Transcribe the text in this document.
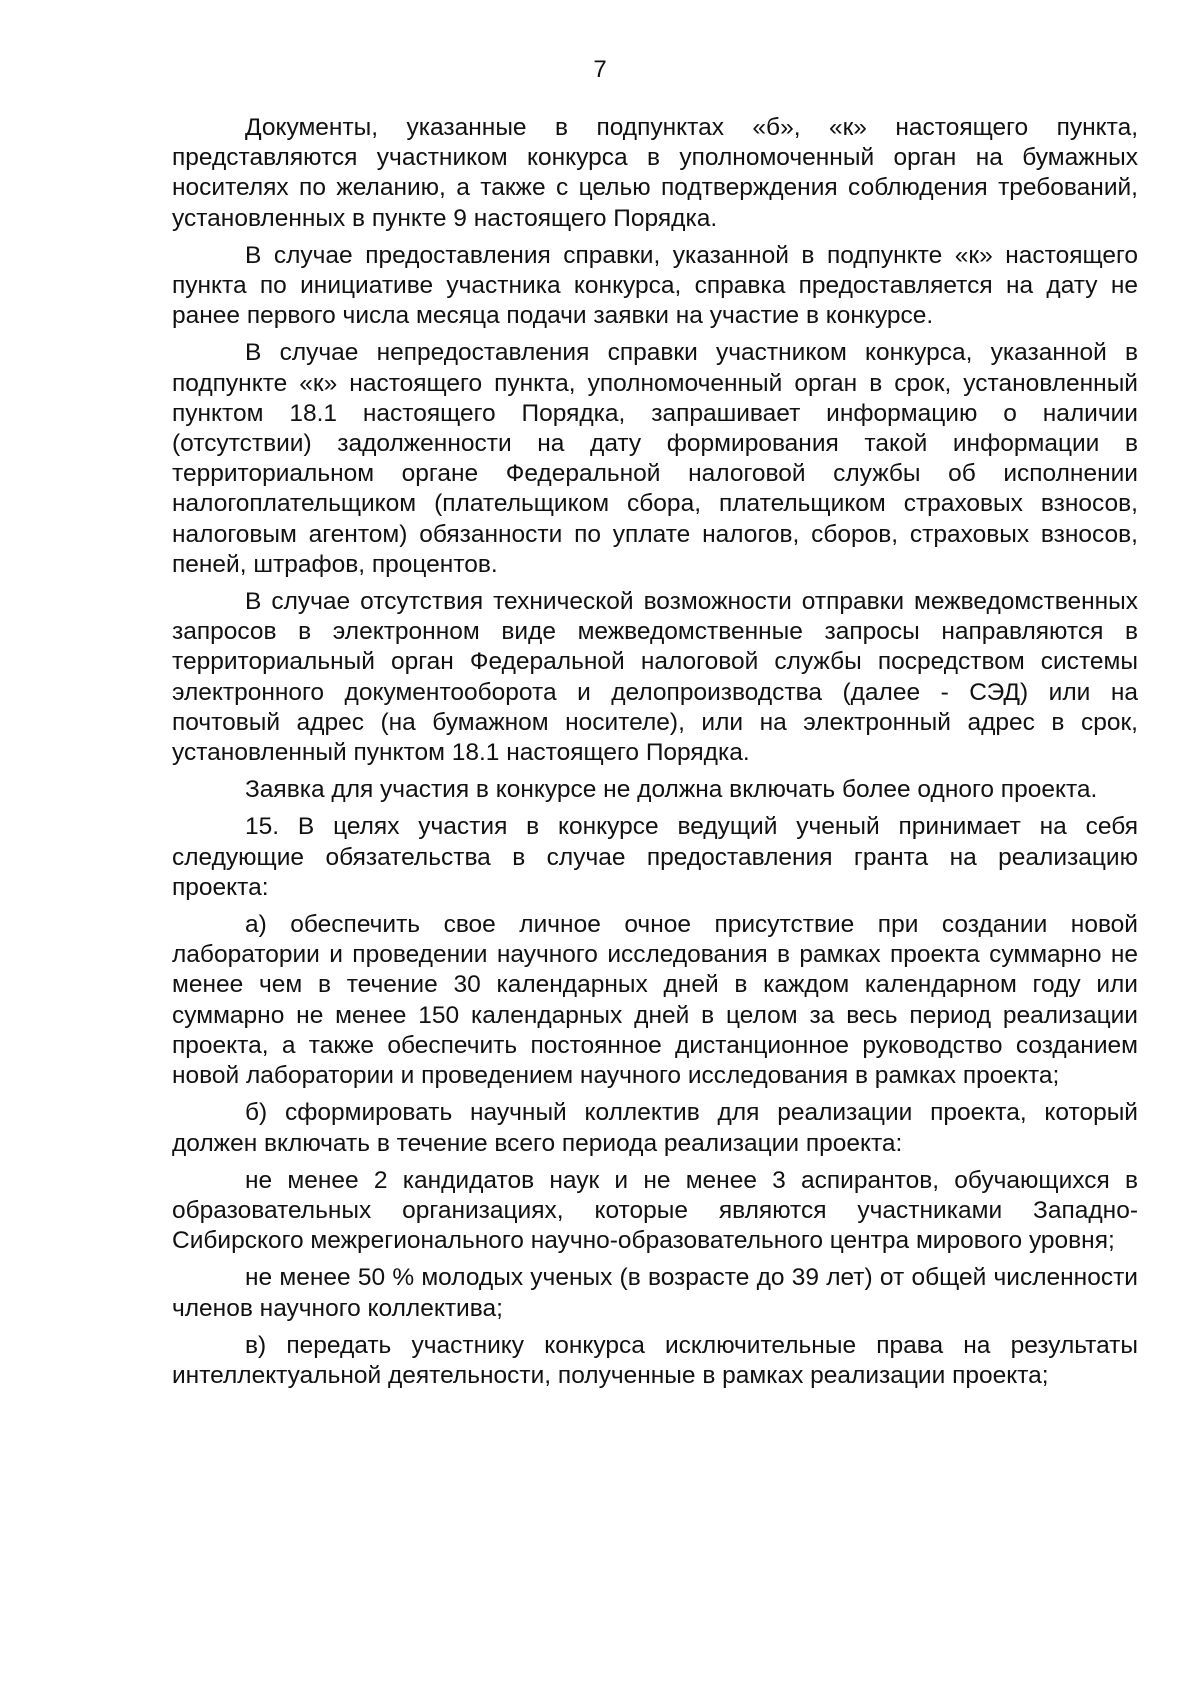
7

Документы, указанные в подпунктах «б», «к» настоящего пункта, представляются участником конкурса в уполномоченный орган на бумажных носителях по желанию, а также с целью подтверждения соблюдения требований, установленных в пункте 9 настоящего Порядка.

В случае предоставления справки, указанной в подпункте «к» настоящего пункта по инициативе участника конкурса, справка предоставляется на дату не ранее первого числа месяца подачи заявки на участие в конкурсе.

В случае непредоставления справки участником конкурса, указанной в подпункте «к» настоящего пункта, уполномоченный орган в срок, установленный пунктом 18.1 настоящего Порядка, запрашивает информацию о наличии (отсутствии) задолженности на дату формирования такой информации в территориальном органе Федеральной налоговой службы об исполнении налогоплательщиком (плательщиком сбора, плательщиком страховых взносов, налоговым агентом) обязанности по уплате налогов, сборов, страховых взносов, пеней, штрафов, процентов.

В случае отсутствия технической возможности отправки межведомственных запросов в электронном виде межведомственные запросы направляются в территориальный орган Федеральной налоговой службы посредством системы электронного документооборота и делопроизводства (далее - СЭД) или на почтовый адрес (на бумажном носителе), или на электронный адрес в срок, установленный пунктом 18.1 настоящего Порядка.

Заявка для участия в конкурсе не должна включать более одного проекта.

15. В целях участия в конкурсе ведущий ученый принимает на себя следующие обязательства в случае предоставления гранта на реализацию проекта:

а) обеспечить свое личное очное присутствие при создании новой лаборатории и проведении научного исследования в рамках проекта суммарно не менее чем в течение 30 календарных дней в каждом календарном году или суммарно не менее 150 календарных дней в целом за весь период реализации проекта, а также обеспечить постоянное дистанционное руководство созданием новой лаборатории и проведением научного исследования в рамках проекта;

б) сформировать научный коллектив для реализации проекта, который должен включать в течение всего периода реализации проекта:

не менее 2 кандидатов наук и не менее 3 аспирантов, обучающихся в образовательных организациях, которые являются участниками Западно-Сибирского межрегионального научно-образовательного центра мирового уровня;

не менее 50 % молодых ученых (в возрасте до 39 лет) от общей численности членов научного коллектива;

в) передать участнику конкурса исключительные права на результаты интеллектуальной деятельности, полученные в рамках реализации проекта;
